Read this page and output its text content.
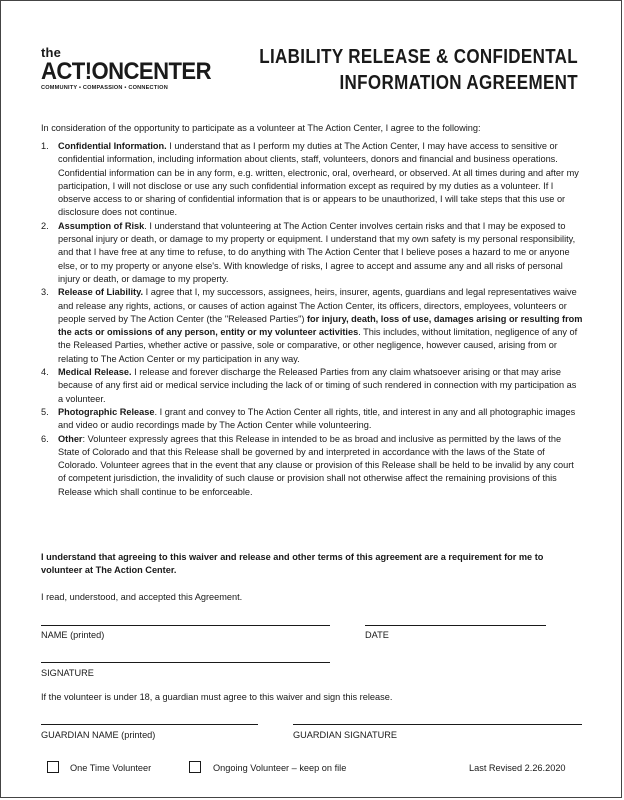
the
ACT!ONCENTER
COMMUNITY • COMPASSION • CONNECTION
LIABILITY RELEASE & CONFIDENTAL
INFORMATION AGREEMENT
In consideration of the opportunity to participate as a volunteer at The Action Center, I agree to the following:
1. Confidential Information. I understand that as I perform my duties at The Action Center, I may have access to sensitive or confidential information, including information about clients, staff, volunteers, donors and financial and business operations. Confidential information can be in any form, e.g. written, electronic, oral, overheard, or observed. At all times during and after my participation, I will not disclose or use any such confidential information except as required by my duties as a volunteer. If I observe access to or sharing of confidential information that is or appears to be unauthorized, I will take steps that this use or disclosure does not continue.
2. Assumption of Risk. I understand that volunteering at The Action Center involves certain risks and that I may be exposed to personal injury or death, or damage to my property or equipment. I understand that my own safety is my personal responsibility, and that I have free at any time to refuse, to do anything with The Action Center that I believe poses a hazard to me or anyone else, or to my property or anyone else's. With knowledge of risks, I agree to accept and assume any and all risks of personal injury or death, or damage to my property.
3. Release of Liability. I agree that I, my successors, assignees, heirs, insurer, agents, guardians and legal representatives waive and release any rights, actions, or causes of action against The Action Center, its officers, directors, employees, volunteers or people served by The Action Center (the "Released Parties") for injury, death, loss of use, damages arising or resulting from the acts or omissions of any person, entity or my volunteer activities. This includes, without limitation, negligence of any of the Released Parties, whether active or passive, sole or comparative, or other negligence, however caused, arising from or relating to The Action Center or my participation in any way.
4. Medical Release. I release and forever discharge the Released Parties from any claim whatsoever arising or that may arise because of any first aid or medical service including the lack of or timing of such rendered in connection with my participation as a volunteer.
5. Photographic Release. I grant and convey to The Action Center all rights, title, and interest in any and all photographic images and video or audio recordings made by The Action Center while volunteering.
6. Other: Volunteer expressly agrees that this Release in intended to be as broad and inclusive as permitted by the laws of the State of Colorado and that this Release shall be governed by and interpreted in accordance with the laws of the State of Colorado. Volunteer agrees that in the event that any clause or provision of this Release shall be held to be invalid by any court of competent jurisdiction, the invalidity of such clause or provision shall not otherwise affect the remaining provisions of this Release which shall continue to be enforceable.
I understand that agreeing to this waiver and release and other terms of this agreement are a requirement for me to volunteer at The Action Center.
I read, understood, and accepted this Agreement.
NAME (printed)	DATE
SIGNATURE
If the volunteer is under 18, a guardian must agree to this waiver and sign this release.
GUARDIAN NAME (printed)	GUARDIAN SIGNATURE
One Time Volunteer	Ongoing Volunteer – keep on file	Last Revised 2.26.2020
